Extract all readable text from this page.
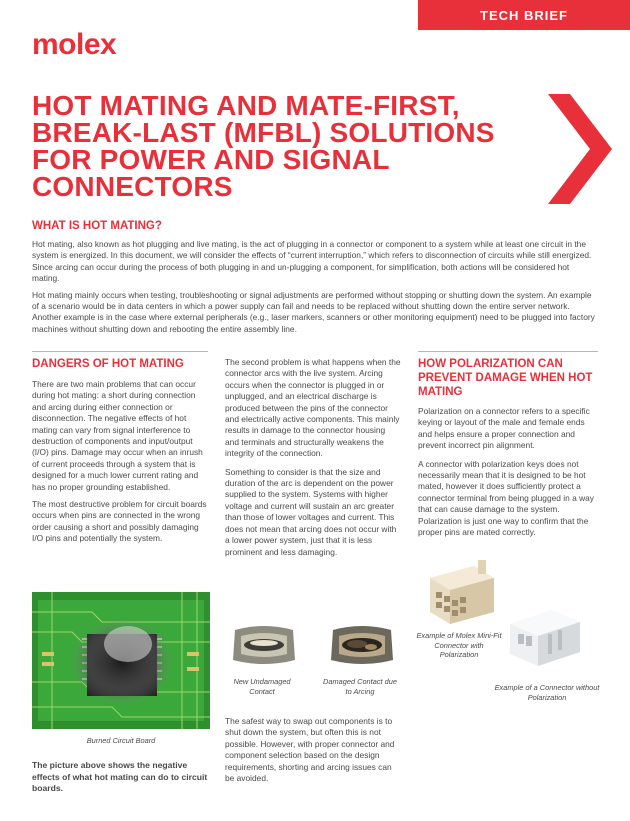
TECH BRIEF
molex
HOT MATING AND MATE-FIRST, BREAK-LAST (MFBL) SOLUTIONS FOR POWER AND SIGNAL CONNECTORS
WHAT IS HOT MATING?

Hot mating, also known as hot plugging and live mating, is the act of plugging in a connector or component to a system while at least one circuit in the system is energized. In this document, we will consider the effects of “current interruption,” which refers to disconnection of circuits while still energized. Since arcing can occur during the process of both plugging in and un-plugging a component, for simplification, both actions will be considered hot mating.

Hot mating mainly occurs when testing, troubleshooting or signal adjustments are performed without stopping or shutting down the system. An example of a scenario would be in data centers in which a power supply can fail and needs to be replaced without shutting down the entire server network. Another example is in the case where external peripherals (e.g., laser markers, scanners or other monitoring equipment) need to be plugged into factory machines without shutting down and rebooting the entire assembly line.

DANGERS OF HOT MATING

There are two main problems that can occur during hot mating: a short during connection and arcing during either connection or disconnection. The negative effects of hot mating can vary from signal interference to destruction of components and input/output (I/O) pins. Damage may occur when an inrush of current proceeds through a system that is designed for a much lower current rating and has no proper grounding established.

The most destructive problem for circuit boards occurs when pins are connected in the wrong order causing a short and possibly damaging I/O pins and potentially the system.

Burned Circuit Board

The picture above shows the negative effects of what hot mating can do to circuit boards.

The second problem is what happens when the connector arcs with the live system. Arcing occurs when the connector is plugged in or unplugged, and an electrical discharge is produced between the pins of the connector and electrically active components. This mainly results in damage to the connector housing and terminals and structurally weakens the integrity of the connection.

Something to consider is that the size and duration of the arc is dependent on the power supplied to the system. Systems with higher voltage and current will sustain an arc greater than those of lower voltages and current. This does not mean that arcing does not occur with a lower power system, just that it is less prominent and less damaging.

New Undamaged Contact

Damaged Contact due to Arcing

The safest way to swap out components is to shut down the system, but often this is not possible. However, with proper connector and component selection based on the design requirements, shorting and arcing issues can be avoided.

HOW POLARIZATION CAN PREVENT DAMAGE WHEN HOT MATING

Polarization on a connector refers to a specific keying or layout of the male and female ends and helps ensure a proper connection and prevent incorrect pin alignment.

A connector with polarization keys does not necessarily mean that it is designed to be hot mated, however it does sufficiently protect a connector terminal from being plugged in a way that can cause damage to the system. Polarization is just one way to confirm that the proper pins are mated correctly.

Example of Molex Mini-Fit Connector with Polarization

Example of a Connector without Polarization
